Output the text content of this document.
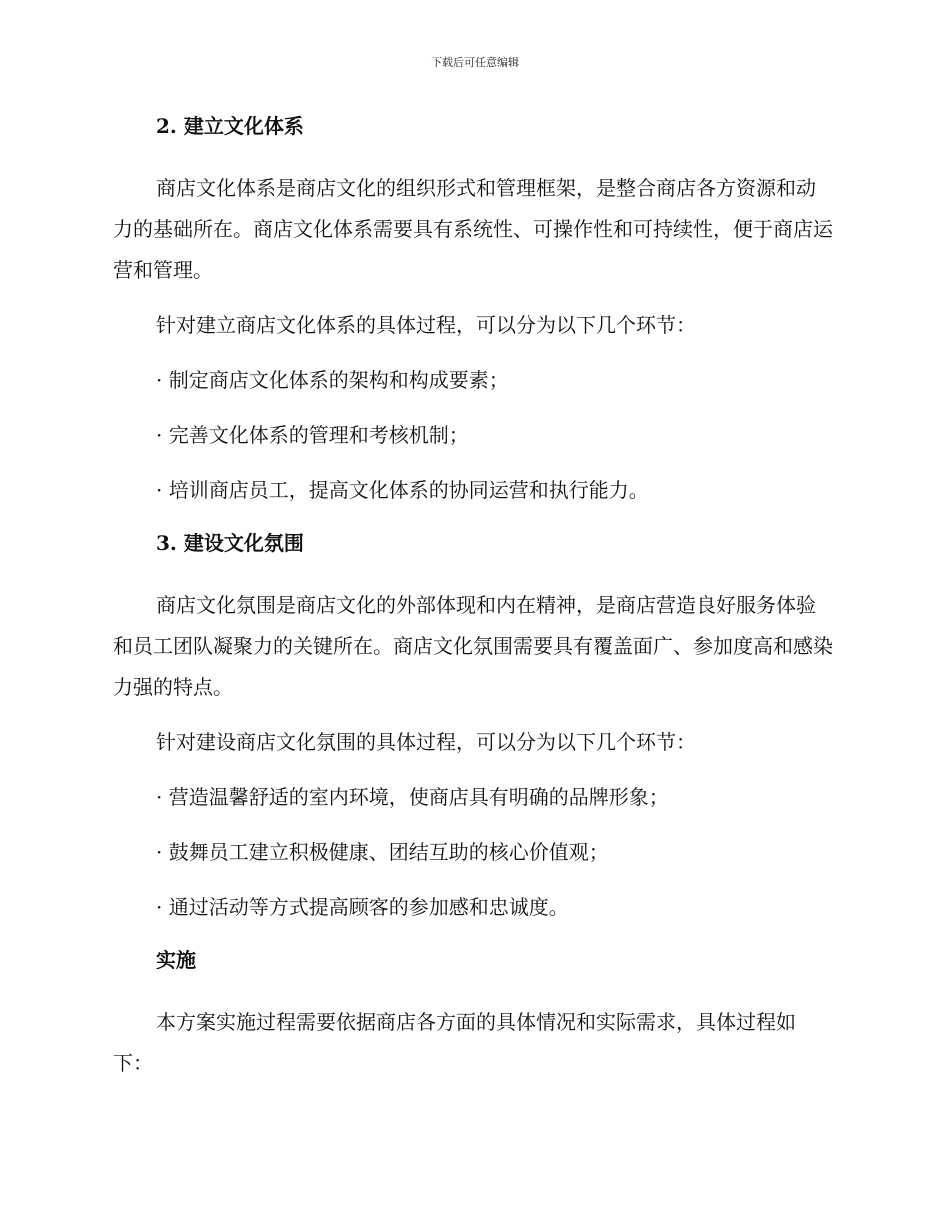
下载后可任意编辑
2. 建立文化体系

商店文化体系是商店文化的组织形式和管理框架，是整合商店各方资源和动力的基础所在。商店文化体系需要具有系统性、可操作性和可持续性，便于商店运营和管理。

针对建立商店文化体系的具体过程，可以分为以下几个环节：

· 制定商店文化体系的架构和构成要素；
· 完善文化体系的管理和考核机制；
· 培训商店员工，提高文化体系的协同运营和执行能力。
3. 建设文化氛围

商店文化氛围是商店文化的外部体现和内在精神，是商店营造良好服务体验和员工团队凝聚力的关键所在。商店文化氛围需要具有覆盖面广、参加度高和感染力强的特点。

针对建设商店文化氛围的具体过程，可以分为以下几个环节：

· 营造温馨舒适的室内环境，使商店具有明确的品牌形象；
· 鼓舞员工建立积极健康、团结互助的核心价值观；
· 通过活动等方式提高顾客的参加感和忠诚度。
实施

本方案实施过程需要依据商店各方面的具体情况和实际需求，具体过程如下：
